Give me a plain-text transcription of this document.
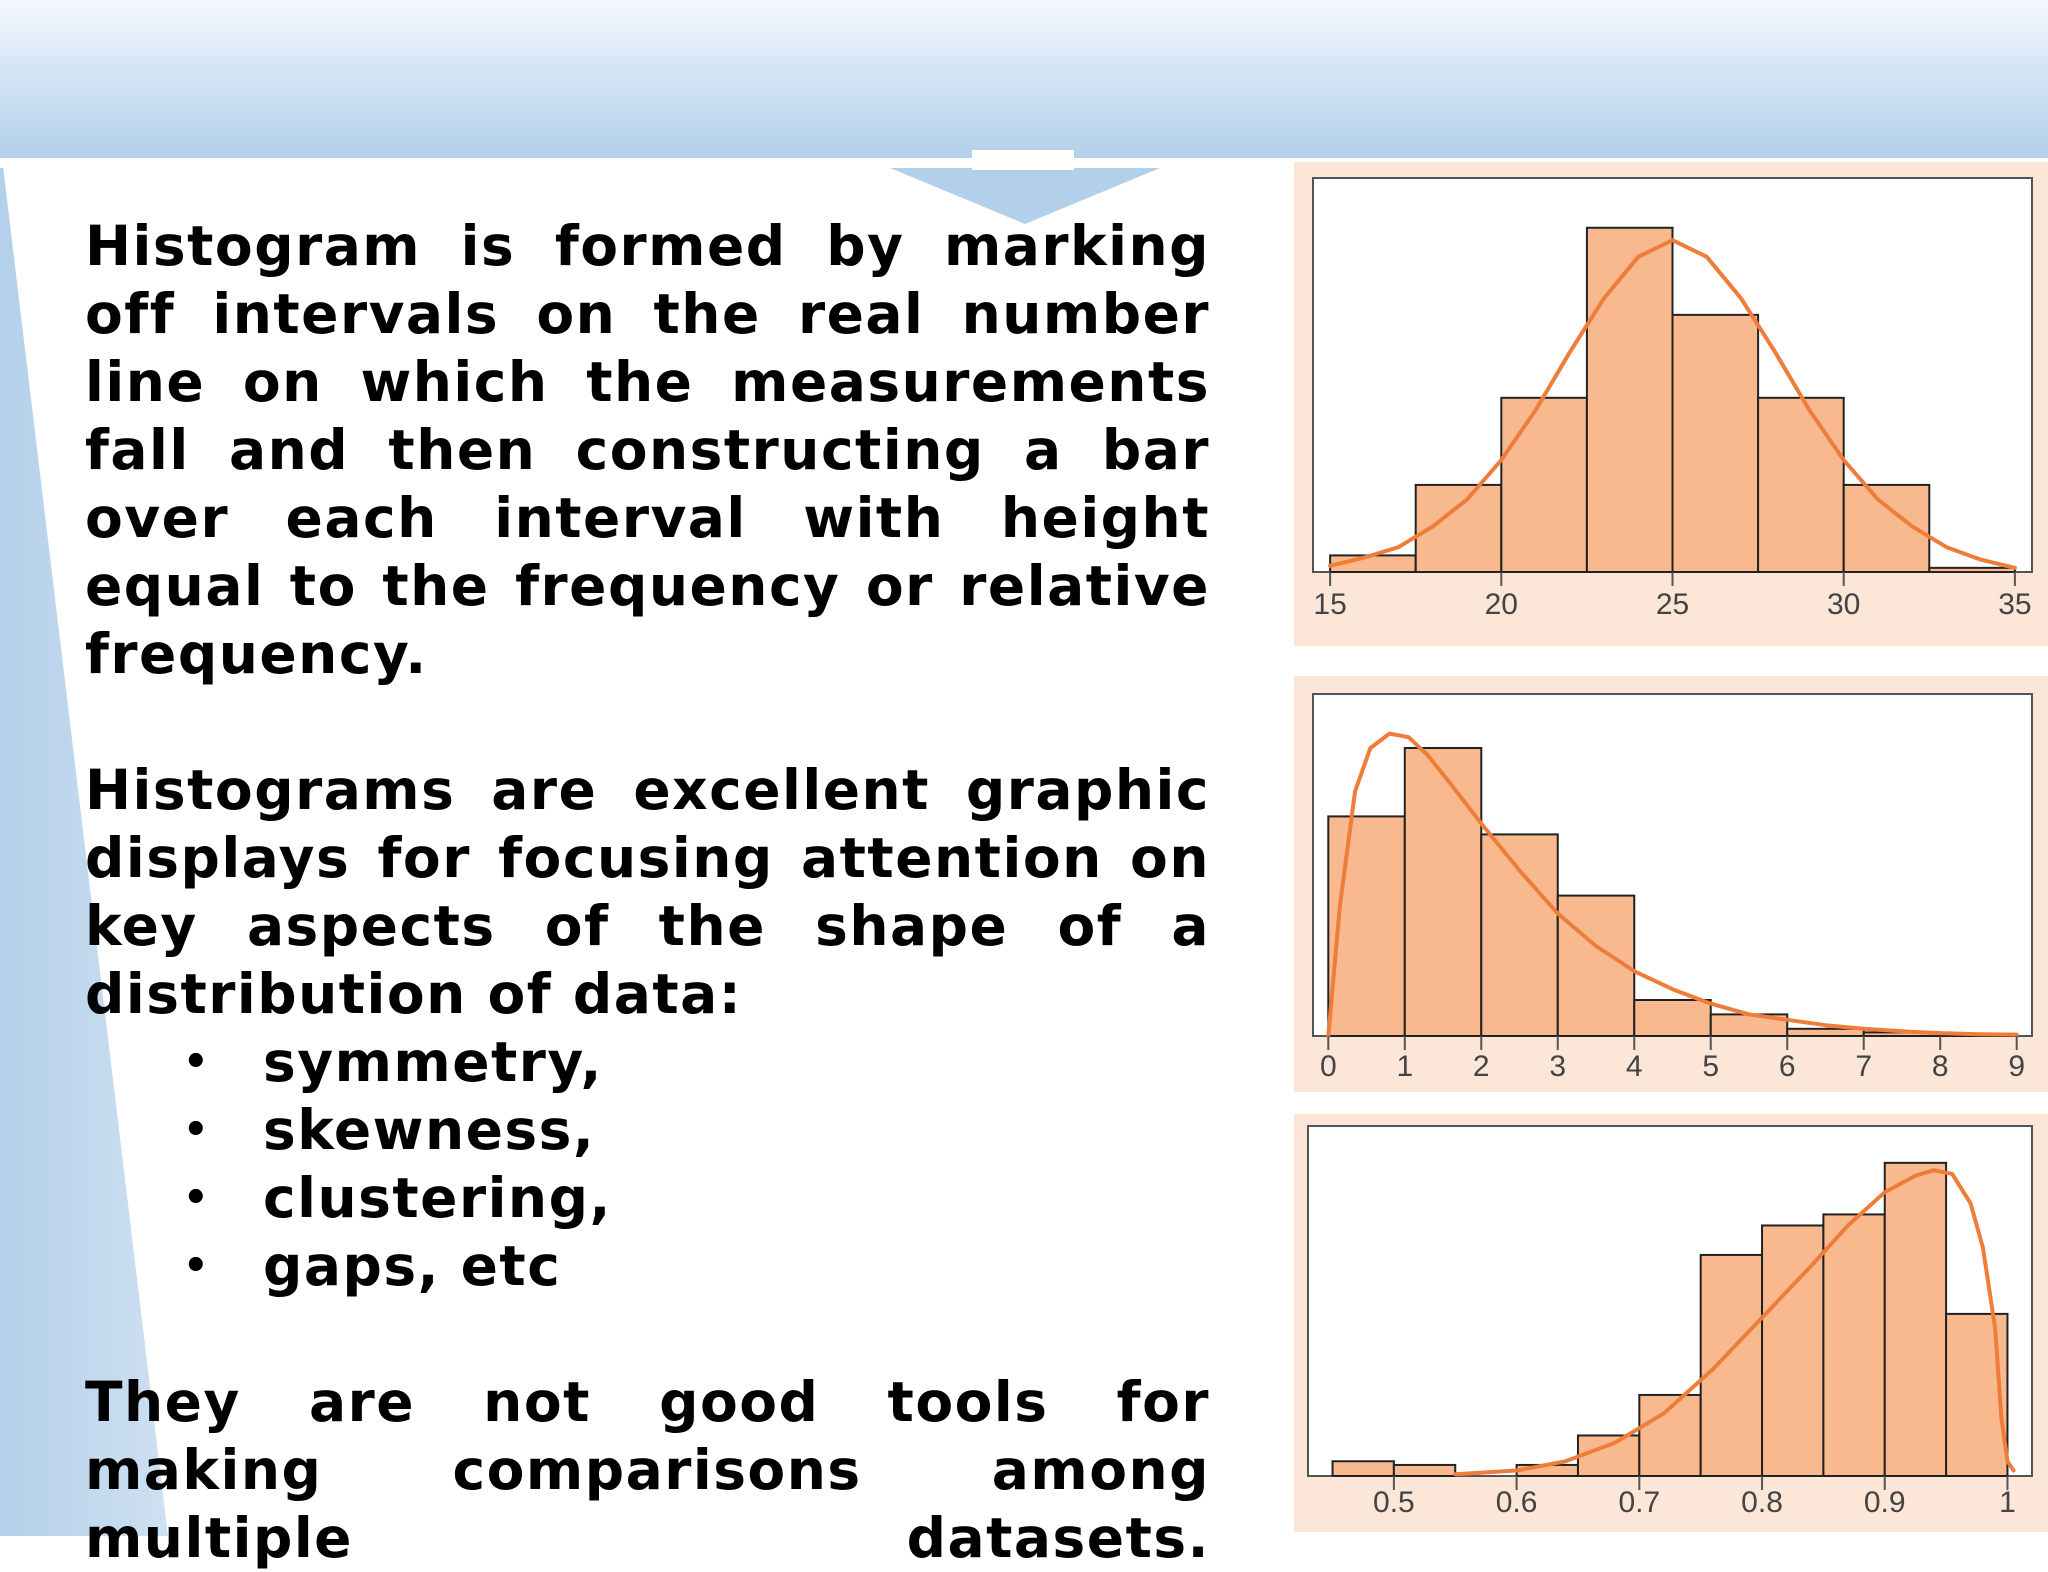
Histogram is formed by marking off intervals on the real number line on which the measurements fall and then constructing a bar over each interval with height equal to the frequency or relative frequency.

Histograms are excellent graphic displays for focusing attention on key aspects of the shape of a distribution of data:

• symmetry,
• skewness,
• clustering,
• gaps, etc

They are not good tools for making comparisons among multiple datasets.

15	20	25	30	35
0 1 2 3 4 5 6 7 8 9
0.5	0.6	0.7	0.8	0.9	1
